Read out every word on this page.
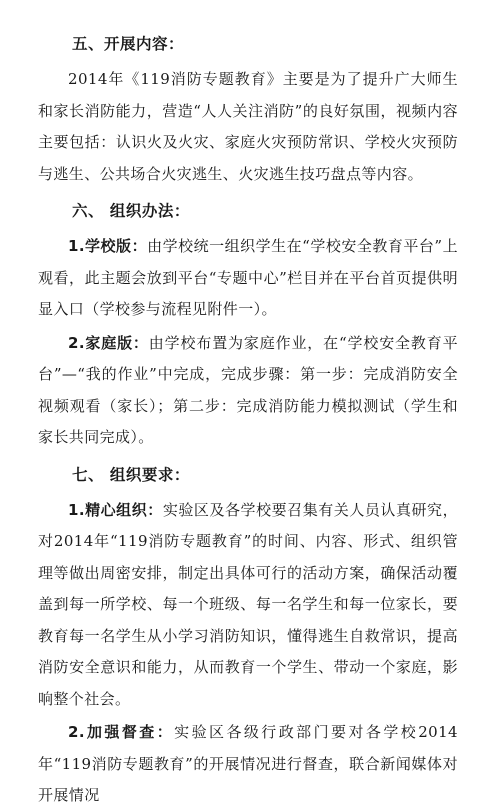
五、开展内容：

2014年《119消防专题教育》主要是为了提升广大师生和家长消防能力，营造“人人关注消防”的良好氛围，视频内容主要包括：认识火及火灾、家庭火灾预防常识、学校火灾预防与逃生、公共场合火灾逃生、火灾逃生技巧盘点等内容。

六、 组织办法：

1.学校版：由学校统一组织学生在“学校安全教育平台”上观看，此主题会放到平台“专题中心”栏目并在平台首页提供明显入口（学校参与流程见附件一）。

2.家庭版：由学校布置为家庭作业，在“学校安全教育平台”—“我的作业”中完成，完成步骤：第一步：完成消防安全视频观看（家长）；第二步：完成消防能力模拟测试（学生和家长共同完成）。

七、 组织要求：

1.精心组织：实验区及各学校要召集有关人员认真研究，对2014年“119消防专题教育”的时间、内容、形式、组织管理等做出周密安排，制定出具体可行的活动方案，确保活动覆盖到每一所学校、每一个班级、每一名学生和每一位家长，要教育每一名学生从小学习消防知识，懂得逃生自救常识，提高消防安全意识和能力，从而教育一个学生、带动一个家庭，影响整个社会。

2.加强督查：实验区各级行政部门要对各学校2014年“119消防专题教育”的开展情况进行督查，联合新闻媒体对开展情况
